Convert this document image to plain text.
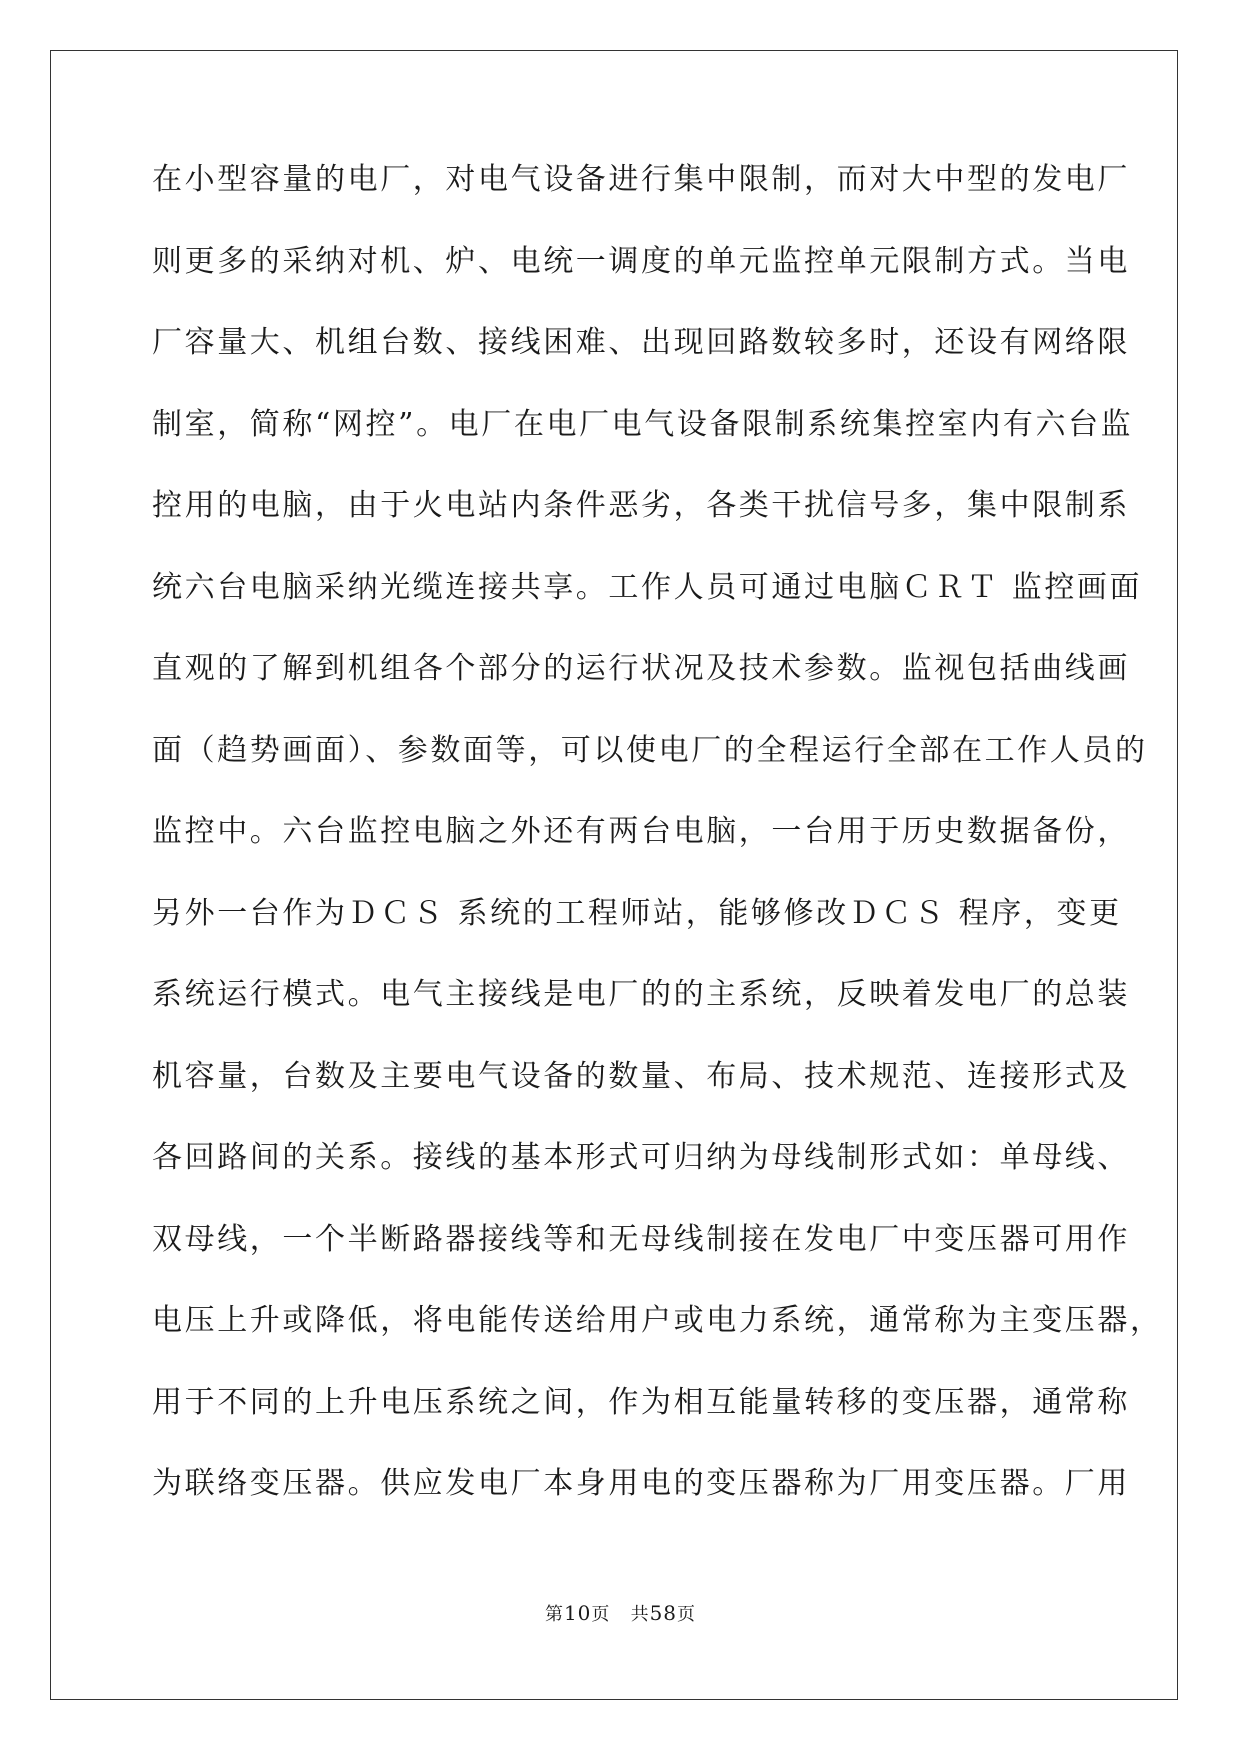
在小型容量的电厂，对电气设备进行集中限制，而对大中型的发电厂
则更多的采纳对机、炉、电统一调度的单元监控单元限制方式。当电
厂容量大、机组台数、接线困难、出现回路数较多时，还设有网络限
制室，简称“网控”。电厂在电厂电气设备限制系统集控室内有六台监
控用的电脑，由于火电站内条件恶劣，各类干扰信号多，集中限制系
统六台电脑采纳光缆连接共享。工作人员可通过电脑ＣＲＴ 监控画面
直观的了解到机组各个部分的运行状况及技术参数。监视包括曲线画
面（趋势画面）、参数面等，可以使电厂的全程运行全部在工作人员的
监控中。六台监控电脑之外还有两台电脑，一台用于历史数据备份，
另外一台作为ＤＣＳ 系统的工程师站，能够修改ＤＣＳ 程序，变更
系统运行模式。电气主接线是电厂的的主系统，反映着发电厂的总装
机容量，台数及主要电气设备的数量、布局、技术规范、连接形式及
各回路间的关系。接线的基本形式可归纳为母线制形式如：单母线、
双母线，一个半断路器接线等和无母线制接在发电厂中变压器可用作
电压上升或降低，将电能传送给用户或电力系统，通常称为主变压器，
用于不同的上升电压系统之间，作为相互能量转移的变压器，通常称
为联络变压器。供应发电厂本身用电的变压器称为厂用变压器。厂用
第10页 共58页
